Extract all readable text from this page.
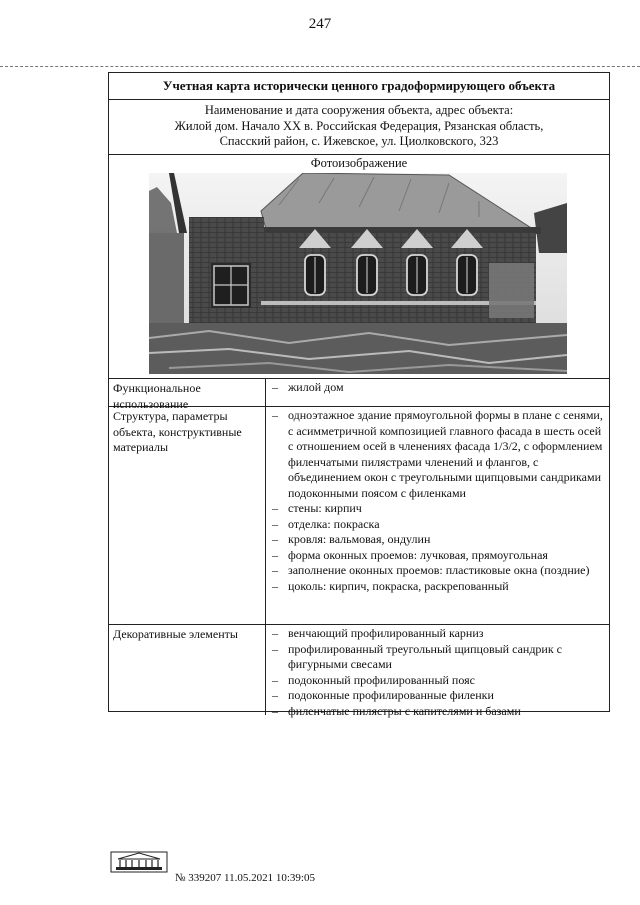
247
Учетная карта исторически ценного градоформирующего объекта
Наименование и дата сооружения объекта, адрес объекта:
Жилой дом. Начало XX в. Российская Федерация, Рязанская область,
Спасский район, с. Ижевское, ул. Циолковского, 323
Фотоизображение
Функциональное использование
– жилой дом
Структура, параметры объекта, конструктивные материалы
– одноэтажное здание прямоугольной формы в плане с сенями, с асимметричной композицией главного фасада в шесть осей с отношением осей в членениях фасада 1/3/2, с оформлением филенчатыми пилястрами членений и флангов, с объединением окон с треугольными щипцовыми сандриками подоконными поясом с филенками
– стены: кирпич
– отделка: покраска
– кровля: вальмовая, ондулин
– форма оконных проемов: лучковая, прямоугольная
– заполнение оконных проемов: пластиковые окна (поздние)
– цоколь: кирпич, покраска, раскрепованный
Декоративные элементы	– венчающий профилированный карниз
– профилированный треугольный щипцовый сандрик с фигурными свесами
– подоконный профилированный пояс
– подоконные профилированные филенки
– филенчатые пилястры с капителями и базами
№ 339207 11.05.2021 10:39:05
